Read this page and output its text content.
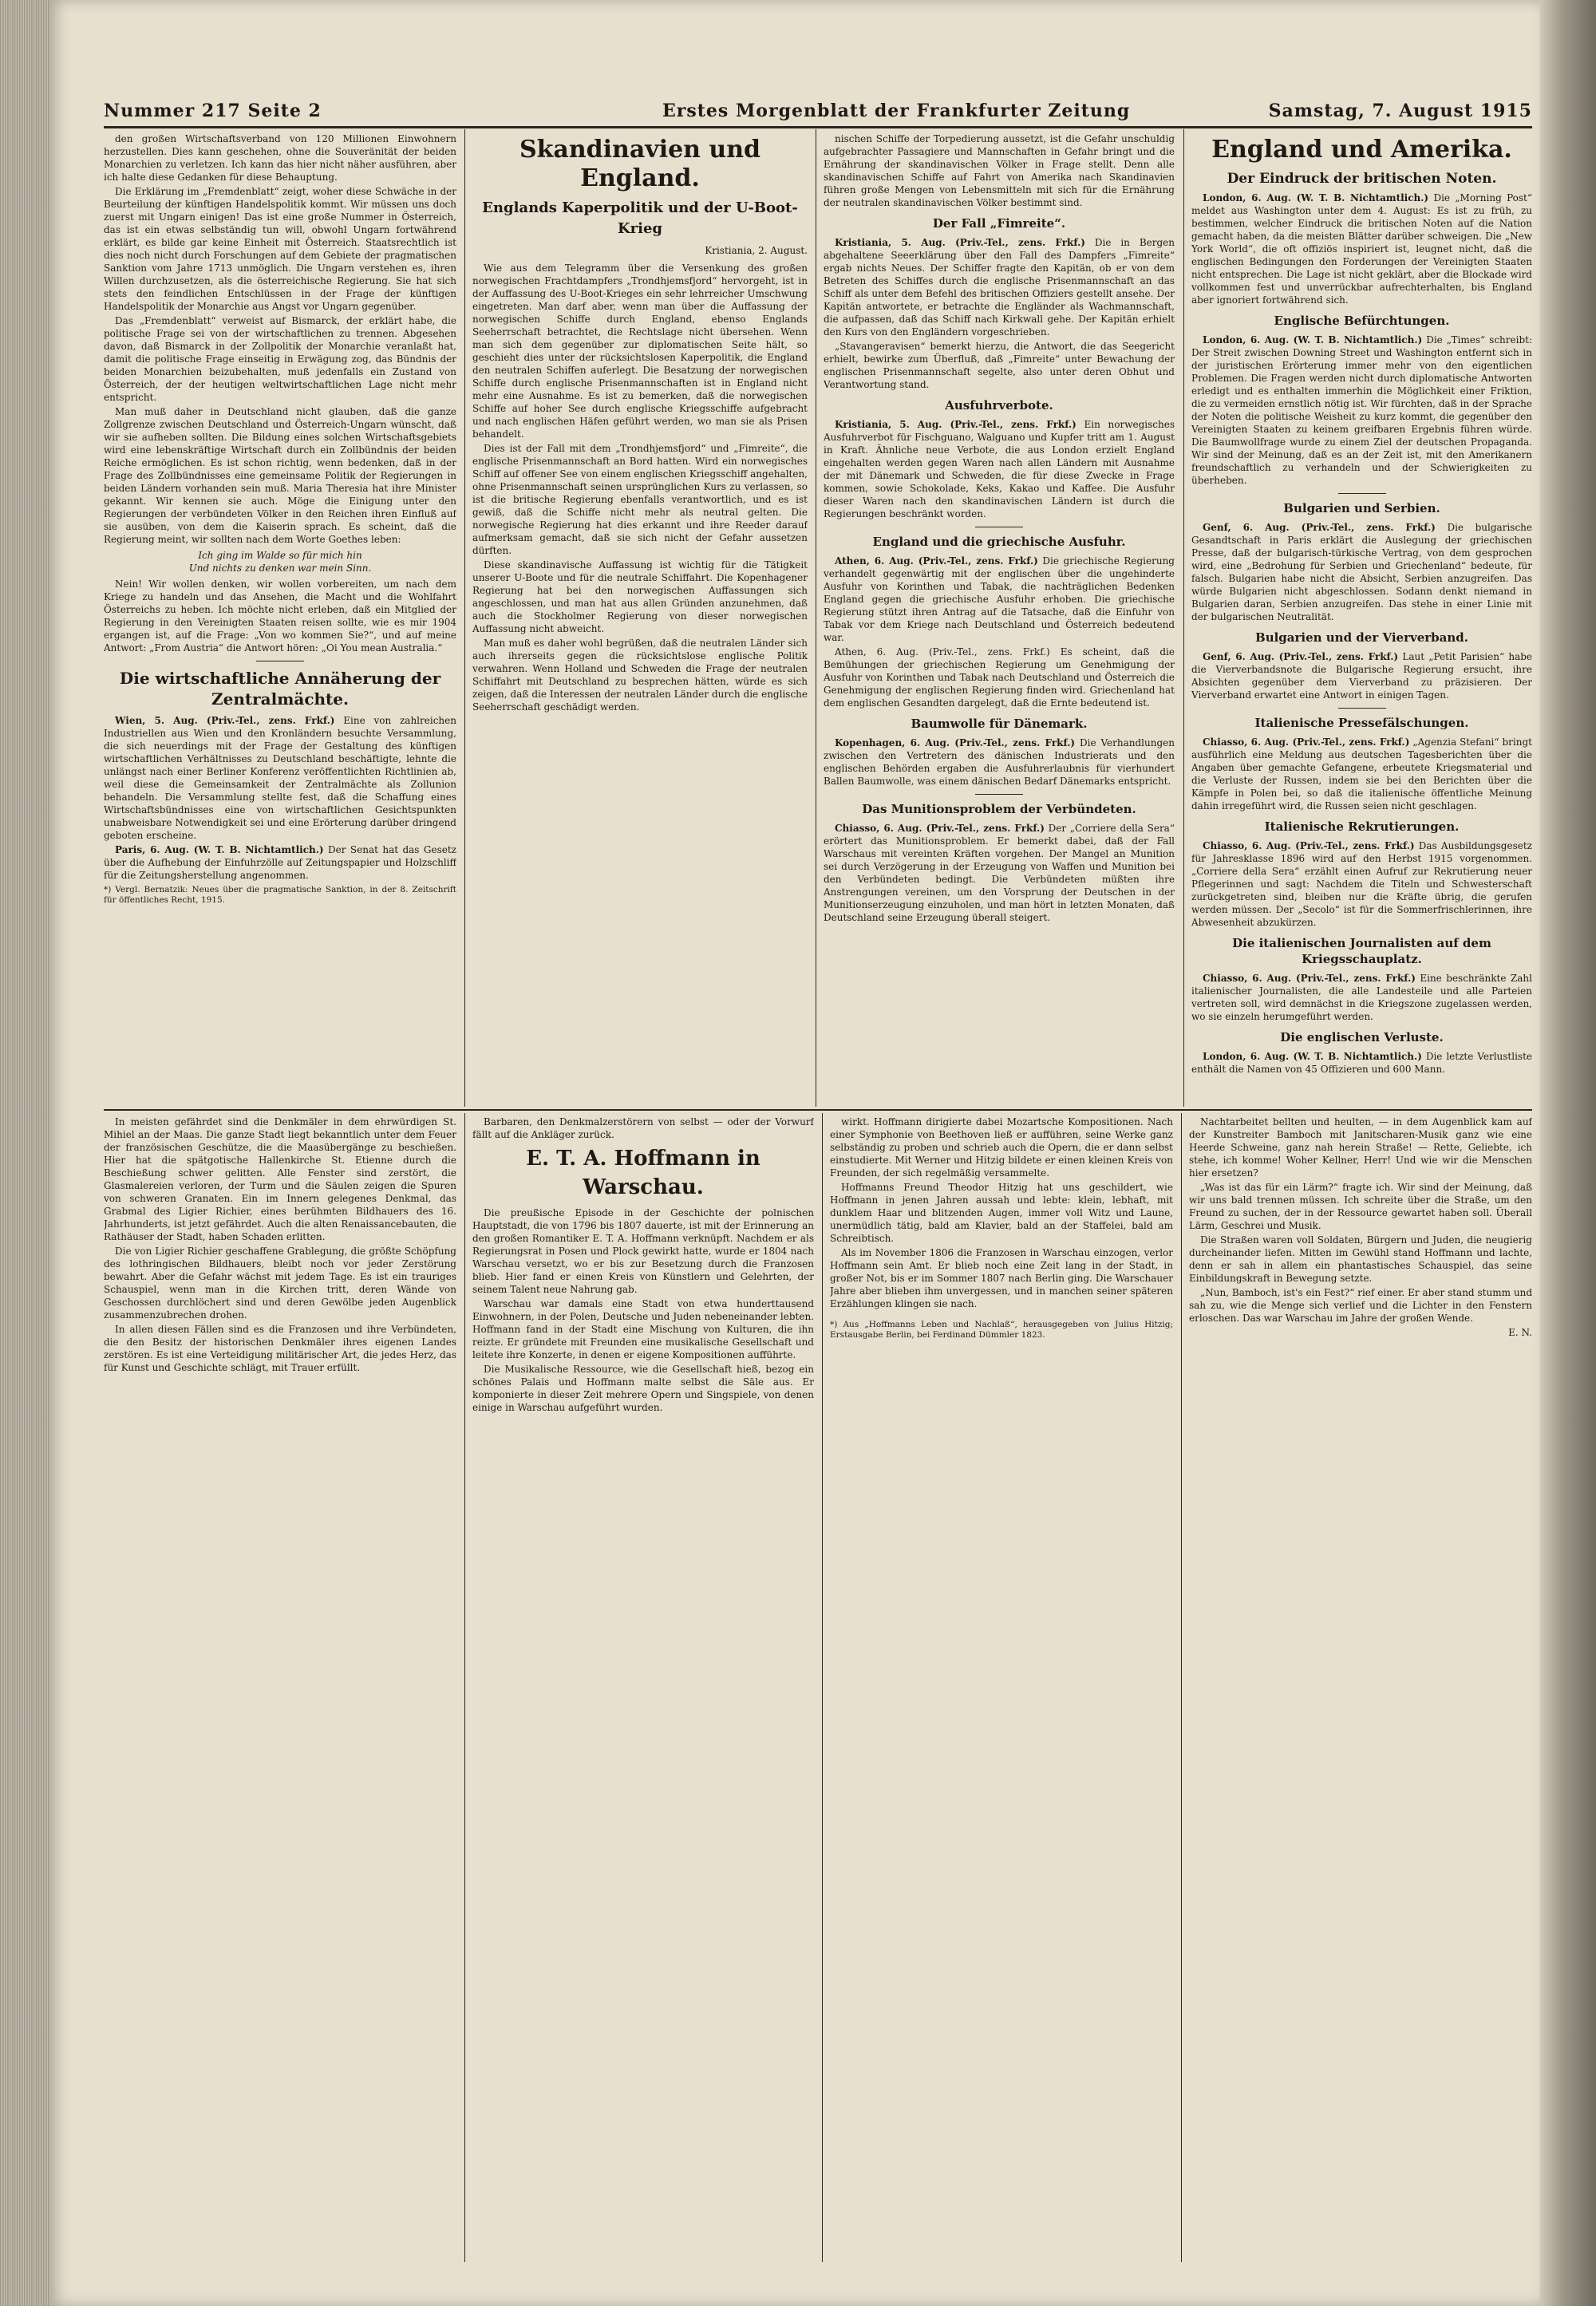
Nummer 217 Seite 2	Erstes Morgenblatt der Frankfurter Zeitung	Samstag, 7. August 1915

den großen Wirtschaftsverband von 120 Millionen Einwohnern herzustellen. Dies kann geschehen, ohne die Souveränität der beiden Monarchien zu verletzen. Ich kann das hier nicht näher ausführen, aber ich halte diese Gedanken für diese Behauptung.

Die Erklärung im „Fremdenblatt“ zeigt, woher diese Schwäche in der Beurteilung der künftigen Handelspolitik kommt. Wir müssen uns doch zuerst mit Ungarn einigen! Das ist eine große Nummer in Österreich, das ist ein etwas selbständig tun will, obwohl Ungarn fortwährend erklärt, es bilde gar keine Einheit mit Österreich. Staatsrechtlich ist dies noch nicht durch Forschungen auf dem Gebiete der pragmatischen Sanktion vom Jahre 1713 unmöglich. Die Ungarn verstehen es, ihren Willen durchzusetzen, als die österreichische Regierung. Sie hat sich stets den feindlichen Entschlüssen in der Frage der künftigen Handelspolitik der Monarchie aus Angst vor Ungarn gegenüber.

Das „Fremdenblatt“ verweist auf Bismarck, der erklärt habe, die politische Frage sei von der wirtschaftlichen zu trennen. Abgesehen davon, daß Bismarck in der Zollpolitik der Monarchie veranlaßt hat, damit die politische Frage einseitig in Erwägung zog, das Bündnis der beiden Monarchien beizubehalten, muß jedenfalls ein Zustand von Österreich, der der heutigen weltwirtschaftlichen Lage nicht mehr entspricht.

Man muß daher in Deutschland nicht glauben, daß die ganze Zollgrenze zwischen Deutschland und Österreich-Ungarn wünscht, daß wir sie aufheben sollten. Die Bildung eines solchen Wirtschaftsgebiets wird eine lebenskräftige Wirtschaft durch ein Zollbündnis der beiden Reiche ermöglichen. Es ist schon richtig, wenn bedenken, daß in der Frage des Zollbündnisses eine gemeinsame Politik der Regierungen in beiden Ländern vorhanden sein muß. Maria Theresia hat ihre Minister gekannt. Wir kennen sie auch. Möge die Einigung unter den Regierungen der verbündeten Völker in den Reichen ihren Einfluß auf sie ausüben, von dem die Kaiserin sprach. Es scheint, daß die Regierung meint, wir sollten nach dem Worte Goethes leben:

Ich ging im Walde so für mich hin
Und nichts zu denken war mein Sinn.

Nein! Wir wollen denken, wir wollen vorbereiten, um nach dem Kriege zu handeln und das Ansehen, die Macht und die Wohlfahrt Österreichs zu heben. Ich möchte nicht erleben, daß ein Mitglied der Regierung in den Vereinigten Staaten reisen sollte, wie es mir 1904 ergangen ist, auf die Frage: „Von wo kommen Sie?“, und auf meine Antwort: „From Austria“ die Antwort hören: „Oi You mean Australia.“

Die wirtschaftliche Annäherung der Zentralmächte.

Wien, 5. Aug. (Priv.-Tel., zens. Frkf.) Eine von zahlreichen Industriellen aus Wien und den Kronländern besuchte Versammlung, die sich neuerdings mit der Frage der Gestaltung des künftigen wirtschaftlichen Verhältnisses zu Deutschland beschäftigte, lehnte die unlängst nach einer Berliner Konferenz veröffentlichten Richtlinien ab, weil diese die Gemeinsamkeit der Zentralmächte als Zollunion behandeln. Die Versammlung stellte fest, daß die Schaffung eines Wirtschaftsbündnisses eine von wirtschaftlichen Gesichtspunkten unabweisbare Notwendigkeit sei und eine Erörterung darüber dringend geboten erscheine.

Paris, 6. Aug. (W. T. B. Nichtamtlich.) Der Senat hat das Gesetz über die Aufhebung der Einfuhrzölle auf Zeitungspapier und Holzschliff für die Zeitungsherstellung angenommen.

*) Vergl. Bernatzik: Neues über die pragmatische Sanktion, in der 8. Zeitschrift für öffentliches Recht, 1915.
Skandinavien und England.
Englands Kaperpolitik und der U-Boot-Krieg
Kristiania, 2. August.

Wie aus dem Telegramm über die Versenkung des großen norwegischen Frachtdampfers „Trondhjemsfjord“ hervorgeht, ist in der Auffassung des U-Boot-Krieges ein sehr lehrreicher Umschwung eingetreten. Man darf aber, wenn man über die Auffassung der norwegischen Schiffe durch England, ebenso Englands Seeherrschaft betrachtet, die Rechtslage nicht übersehen. Wenn man sich dem gegenüber zur diplomatischen Seite hält, so geschieht dies unter der rücksichtslosen Kaperpolitik, die England den neutralen Schiffen auferlegt. Die Besatzung der norwegischen Schiffe durch englische Prisenmannschaften ist in England nicht mehr eine Ausnahme. Es ist zu bemerken, daß die norwegischen Schiffe auf hoher See durch englische Kriegsschiffe aufgebracht und nach englischen Häfen geführt werden, wo man sie als Prisen behandelt.

Dies ist der Fall mit dem „Trondhjemsfjord“ und „Fimreite“, die englische Prisenmannschaft an Bord hatten. Wird ein norwegisches Schiff auf offener See von einem englischen Kriegsschiff angehalten, ohne Prisenmannschaft seinen ursprünglichen Kurs zu verlassen, so ist die britische Regierung ebenfalls verantwortlich, und es ist gewiß, daß die Schiffe nicht mehr als neutral gelten. Die norwegische Regierung hat dies erkannt und ihre Reeder darauf aufmerksam gemacht, daß sie sich nicht der Gefahr aussetzen dürften.

Diese skandinavische Auffassung ist wichtig für die Tätigkeit unserer U-Boote und für die neutrale Schiffahrt. Die Kopenhagener Regierung hat bei den norwegischen Auffassungen sich angeschlossen, und man hat aus allen Gründen anzunehmen, daß auch die Stockholmer Regierung von dieser norwegischen Auffassung nicht abweicht.

Man muß es daher wohl begrüßen, daß die neutralen Länder sich auch ihrerseits gegen die rücksichtslose englische Politik verwahren. Wenn Holland und Schweden die Frage der neutralen Schiffahrt mit Deutschland zu besprechen hätten, würde es sich zeigen, daß die Interessen der neutralen Länder durch die englische Seeherrschaft geschädigt werden.

nischen Schiffe der Torpedierung aussetzt, ist die Gefahr unschuldig aufgebrachter Passagiere und Mannschaften in Gefahr bringt und die Ernährung der skandinavischen Völker in Frage stellt. Denn alle skandinavischen Schiffe auf Fahrt von Amerika nach Skandinavien führen große Mengen von Lebensmitteln mit sich für die Ernährung der neutralen skandinavischen Völker bestimmt sind.

Der Fall „Fimreite“.

Kristiania, 5. Aug. (Priv.-Tel., zens. Frkf.) Die in Bergen abgehaltene Seeerklärung über den Fall des Dampfers „Fimreite“ ergab nichts Neues. Der Schiffer fragte den Kapitän, ob er von dem Betreten des Schiffes durch die englische Prisenmannschaft an das Schiff als unter dem Befehl des britischen Offiziers gestellt ansehe. Der Kapitän antwortete, er betrachte die Engländer als Wachmannschaft, die aufpassen, daß das Schiff nach Kirkwall gehe. Der Kapitän erhielt den Kurs von den Engländern vorgeschrieben.

„Stavangeravisen“ bemerkt hierzu, die Antwort, die das Seegericht erhielt, bewirke zum Überfluß, daß „Fimreite“ unter Bewachung der englischen Prisenmannschaft segelte, also unter deren Obhut und Verantwortung stand.

Ausfuhrverbote.

Kristiania, 5. Aug. (Priv.-Tel., zens. Frkf.) Ein norwegisches Ausfuhrverbot für Fischguano, Walguano und Kupfer tritt am 1. August in Kraft. Ähnliche neue Verbote, die aus London erzielt England eingehalten werden gegen Waren nach allen Ländern mit Ausnahme der mit Dänemark und Schweden, die für diese Zwecke in Frage kommen, sowie Schokolade, Keks, Kakao und Kaffee. Die Ausfuhr dieser Waren nach den skandinavischen Ländern ist durch die Regierungen beschränkt worden.

England und die griechische Ausfuhr.

Athen, 6. Aug. (Priv.-Tel., zens. Frkf.) Die griechische Regierung verhandelt gegenwärtig mit der englischen über die ungehinderte Ausfuhr von Korinthen und Tabak, die nachträglichen Bedenken England gegen die griechische Ausfuhr erhoben. Die griechische Regierung stützt ihren Antrag auf die Tatsache, daß die Einfuhr von Tabak vor dem Kriege nach Deutschland und Österreich bedeutend war.

Athen, 6. Aug. (Priv.-Tel., zens. Frkf.) Es scheint, daß die Bemühungen der griechischen Regierung um Genehmigung der Ausfuhr von Korinthen und Tabak nach Deutschland und Österreich die Genehmigung der englischen Regierung finden wird. Griechenland hat dem englischen Gesandten dargelegt, daß die Ernte bedeutend ist.

Baumwolle für Dänemark.

Kopenhagen, 6. Aug. (Priv.-Tel., zens. Frkf.) Die Verhandlungen zwischen den Vertretern des dänischen Industrierats und den englischen Behörden ergaben die Ausfuhrerlaubnis für vierhundert Ballen Baumwolle, was einem dänischen Bedarf Dänemarks entspricht.

Das Munitionsproblem der Verbündeten.

Chiasso, 6. Aug. (Priv.-Tel., zens. Frkf.) Der „Corriere della Sera“ erörtert das Munitionsproblem. Er bemerkt dabei, daß der Fall Warschaus mit vereinten Kräften vorgehen. Der Mangel an Munition sei durch Verzögerung in der Erzeugung von Waffen und Munition bei den Verbündeten bedingt. Die Verbündeten müßten ihre Anstrengungen vereinen, um den Vorsprung der Deutschen in der Munitionserzeugung einzuholen, und man hört in letzten Monaten, daß Deutschland seine Erzeugung überall steigert.

England und Amerika.
Der Eindruck der britischen Noten.

London, 6. Aug. (W. T. B. Nichtamtlich.) Die „Morning Post“ meldet aus Washington unter dem 4. August: Es ist zu früh, zu bestimmen, welcher Eindruck die britischen Noten auf die Nation gemacht haben, da die meisten Blätter darüber schweigen. Die „New York World“, die oft offiziös inspiriert ist, leugnet nicht, daß die englischen Bedingungen den Forderungen der Vereinigten Staaten nicht entsprechen. Die Lage ist nicht geklärt, aber die Blockade wird vollkommen fest und unverrückbar aufrechterhalten, bis England aber ignoriert fortwährend sich.

Englische Befürchtungen.

London, 6. Aug. (W. T. B. Nichtamtlich.) Die „Times“ schreibt: Der Streit zwischen Downing Street und Washington entfernt sich in der juristischen Erörterung immer mehr von den eigentlichen Problemen. Die Fragen werden nicht durch diplomatische Antworten erledigt und es enthalten immerhin die Möglichkeit einer Friktion, die zu vermeiden ernstlich nötig ist. Wir fürchten, daß in der Sprache der Noten die politische Weisheit zu kurz kommt, die gegenüber den Vereinigten Staaten zu keinem greifbaren Ergebnis führen würde. Die Baumwollfrage wurde zu einem Ziel der deutschen Propaganda. Wir sind der Meinung, daß es an der Zeit ist, mit den Amerikanern freundschaftlich zu verhandeln und der Schwierigkeiten zu überheben.

Bulgarien und Serbien.

Genf, 6. Aug. (Priv.-Tel., zens. Frkf.) Die bulgarische Gesandtschaft in Paris erklärt die Auslegung der griechischen Presse, daß der bulgarisch-türkische Vertrag, von dem gesprochen wird, eine „Bedrohung für Serbien und Griechenland“ bedeute, für falsch. Bulgarien habe nicht die Absicht, Serbien anzugreifen. Das würde Bulgarien nicht abgeschlossen. Sodann denkt niemand in Bulgarien daran, Serbien anzugreifen. Das stehe in einer Linie mit der bulgarischen Neutralität.

Bulgarien und der Vierverband.

Genf, 6. Aug. (Priv.-Tel., zens. Frkf.) Laut „Petit Parisien“ habe die Vierverbandsnote die Bulgarische Regierung ersucht, ihre Absichten gegenüber dem Vierverband zu präzisieren. Der Vierverband erwartet eine Antwort in einigen Tagen.

Italienische Pressefälschungen.

Chiasso, 6. Aug. (Priv.-Tel., zens. Frkf.) „Agenzia Stefani“ bringt ausführlich eine Meldung aus deutschen Tagesberichten über die Angaben über gemachte Gefangene, erbeutete Kriegsmaterial und die Verluste der Russen, indem sie bei den Berichten über die Kämpfe in Polen bei, so daß die italienische öffentliche Meinung dahin irregeführt wird, die Russen seien nicht geschlagen.

Italienische Rekrutierungen.

Chiasso, 6. Aug. (Priv.-Tel., zens. Frkf.) Das Ausbildungsgesetz für Jahresklasse 1896 wird auf den Herbst 1915 vorgenommen. „Corriere della Sera“ erzählt einen Aufruf zur Rekrutierung neuer Pflegerinnen und sagt: Nachdem die Titeln und Schwesterschaft zurückgetreten sind, bleiben nur die Kräfte übrig, die gerufen werden müssen. Der „Secolo“ ist für die Sommerfrischlerinnen, ihre Abwesenheit abzukürzen.

Die italienischen Journalisten auf dem Kriegsschauplatz.

Chiasso, 6. Aug. (Priv.-Tel., zens. Frkf.) Eine beschränkte Zahl italienischer Journalisten, die alle Landesteile und alle Parteien vertreten soll, wird demnächst in die Kriegszone zugelassen werden, wo sie einzeln herumgeführt werden.

Die englischen Verluste.

London, 6. Aug. (W. T. B. Nichtamtlich.) Die letzte Verlustliste enthält die Namen von 45 Offizieren und 600 Mann.

In meisten gefährdet sind die Denkmäler in dem ehrwürdigen St. Mihiel an der Maas. Die ganze Stadt liegt bekanntlich unter dem Feuer der französischen Geschütze, die die Maasübergänge zu beschießen. Hier hat die spätgotische Hallenkirche St. Etienne durch die Beschießung schwer gelitten. Alle Fenster sind zerstört, die Glasmalereien verloren, der Turm und die Säulen zeigen die Spuren von schweren Granaten. Ein im Innern gelegenes Denkmal, das Grabmal des Ligier Richier, eines berühmten Bildhauers des 16. Jahrhunderts, ist jetzt gefährdet. Auch die alten Renaissancebauten, die Rathäuser der Stadt, haben Schaden erlitten.

Die von Ligier Richier geschaffene Grablegung, die größte Schöpfung des lothringischen Bildhauers, bleibt noch vor jeder Zerstörung bewahrt. Aber die Gefahr wächst mit jedem Tage. Es ist ein trauriges Schauspiel, wenn man in die Kirchen tritt, deren Wände von Geschossen durchlöchert sind und deren Gewölbe jeden Augenblick zusammenzubrechen drohen.

In allen diesen Fällen sind es die Franzosen und ihre Verbündeten, die den Besitz der historischen Denkmäler ihres eigenen Landes zerstören. Es ist eine Verteidigung militärischer Art, die jedes Herz, das für Kunst und Geschichte schlägt, mit Trauer erfüllt.

Barbaren, den Denkmalzerstörern von selbst — oder der Vorwurf fällt auf die Ankläger zurück.

E. T. A. Hoffmann in Warschau.

Die preußische Episode in der Geschichte der polnischen Hauptstadt, die von 1796 bis 1807 dauerte, ist mit der Erinnerung an den großen Romantiker E. T. A. Hoffmann verknüpft. Nachdem er als Regierungsrat in Posen und Plock gewirkt hatte, wurde er 1804 nach Warschau versetzt, wo er bis zur Besetzung durch die Franzosen blieb. Hier fand er einen Kreis von Künstlern und Gelehrten, der seinem Talent neue Nahrung gab.

Warschau war damals eine Stadt von etwa hunderttausend Einwohnern, in der Polen, Deutsche und Juden nebeneinander lebten. Hoffmann fand in der Stadt eine Mischung von Kulturen, die ihn reizte. Er gründete mit Freunden eine musikalische Gesellschaft und leitete ihre Konzerte, in denen er eigene Kompositionen aufführte.

Die Musikalische Ressource, wie die Gesellschaft hieß, bezog ein schönes Palais und Hoffmann malte selbst die Säle aus. Er komponierte in dieser Zeit mehrere Opern und Singspiele, von denen einige in Warschau aufgeführt wurden.

wirkt. Hoffmann dirigierte dabei Mozartsche Kompositionen. Nach einer Symphonie von Beethoven ließ er aufführen, seine Werke ganz selbständig zu proben und schrieb auch die Opern, die er dann selbst einstudierte. Mit Werner und Hitzig bildete er einen kleinen Kreis von Freunden, der sich regelmäßig versammelte.

Hoffmanns Freund Theodor Hitzig hat uns geschildert, wie Hoffmann in jenen Jahren aussah und lebte: klein, lebhaft, mit dunklem Haar und blitzenden Augen, immer voll Witz und Laune, unermüdlich tätig, bald am Klavier, bald an der Staffelei, bald am Schreibtisch.

Als im November 1806 die Franzosen in Warschau einzogen, verlor Hoffmann sein Amt. Er blieb noch eine Zeit lang in der Stadt, in großer Not, bis er im Sommer 1807 nach Berlin ging. Die Warschauer Jahre aber blieben ihm unvergessen, und in manchen seiner späteren Erzählungen klingen sie nach.

*) Aus „Hoffmanns Leben und Nachlaß“, herausgegeben von Julius Hitzig; Erstausgabe Berlin, bei Ferdinand Dümmler 1823.

Nachtarbeitet bellten und heulten, — in dem Augenblick kam auf der Kunstreiter Bamboch mit Janitscharen-Musik ganz wie eine Heerde Schweine, ganz nah herein Straße! — Rette, Geliebte, ich stehe, ich komme! Woher Kellner, Herr! Und wie wir die Menschen hier ersetzen?

„Was ist das für ein Lärm?“ fragte ich. Wir sind der Meinung, daß wir uns bald trennen müssen. Ich schreite über die Straße, um den Freund zu suchen, der in der Ressource gewartet haben soll. Überall Lärm, Geschrei und Musik.

Die Straßen waren voll Soldaten, Bürgern und Juden, die neugierig durcheinander liefen. Mitten im Gewühl stand Hoffmann und lachte, denn er sah in allem ein phantastisches Schauspiel, das seine Einbildungskraft in Bewegung setzte.

„Nun, Bamboch, ist's ein Fest?“ rief einer. Er aber stand stumm und sah zu, wie die Menge sich verlief und die Lichter in den Fenstern erloschen. Das war Warschau im Jahre der großen Wende.

E. N.
